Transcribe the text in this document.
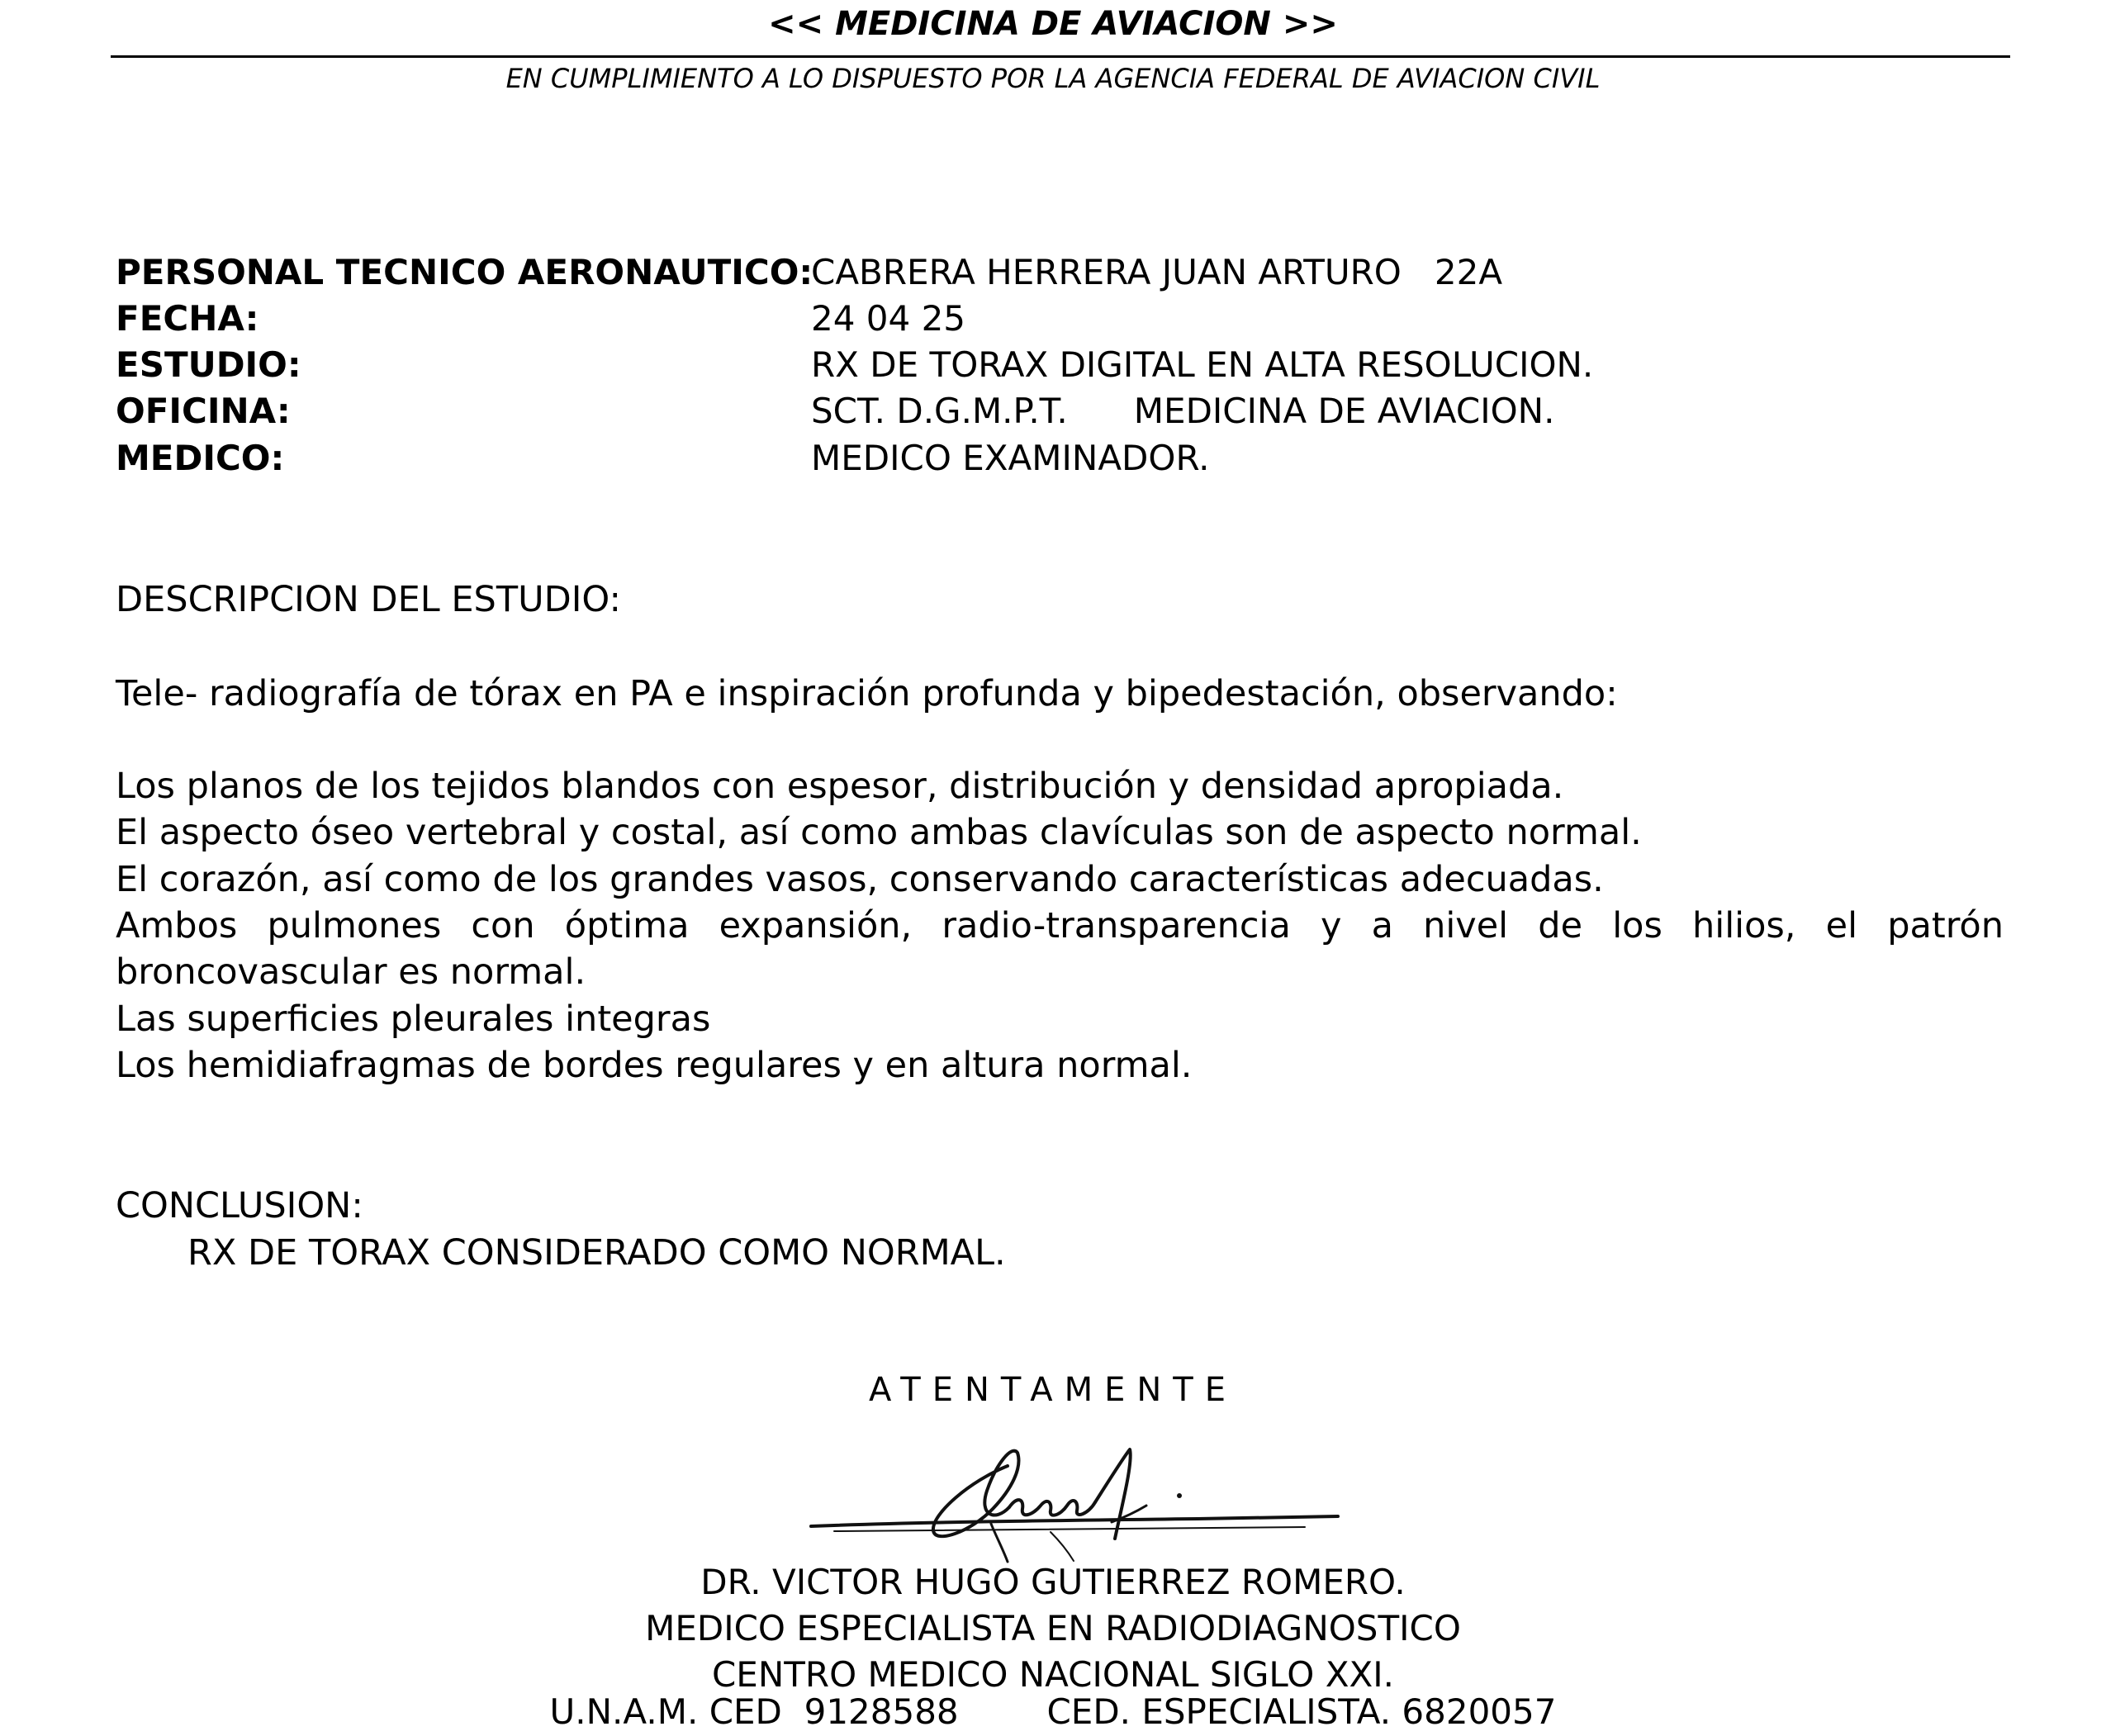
<< MEDICINA DE AVIACION >>
EN CUMPLIMIENTO A LO DISPUESTO POR LA AGENCIA FEDERAL DE AVIACION CIVIL
PERSONAL TECNICO AERONAUTICO:
CABRERA HERRERA JUAN ARTURO   22A
FECHA:	24 04 25
ESTUDIO:	RX DE TORAX DIGITAL EN ALTA RESOLUCION.
OFICINA:	SCT. D.G.M.P.T.      MEDICINA DE AVIACION.
MEDICO:	MEDICO EXAMINADOR.
DESCRIPCION DEL ESTUDIO:
Tele- radiografía de tórax en PA e inspiración profunda y bipedestación, observando:
Los planos de los tejidos blandos con espesor, distribución y densidad apropiada.
El aspecto óseo vertebral y costal, así como ambas clavículas son de aspecto normal.
El corazón, así como de los grandes vasos, conservando características adecuadas.
Ambos pulmones con óptima expansión, radio-transparencia y a nivel de los hilios, el patrón broncovascular es normal.
Las superficies pleurales integras
Los hemidiafragmas de bordes regulares y en altura normal.
CONCLUSION:
RX DE TORAX CONSIDERADO COMO NORMAL.
ATENTAMENTE
DR. VICTOR HUGO GUTIERREZ ROMERO.
MEDICO ESPECIALISTA EN RADIODIAGNOSTICO
CENTRO MEDICO NACIONAL SIGLO XXI.
U.N.A.M. CED  9128588        CED. ESPECIALISTA. 6820057
